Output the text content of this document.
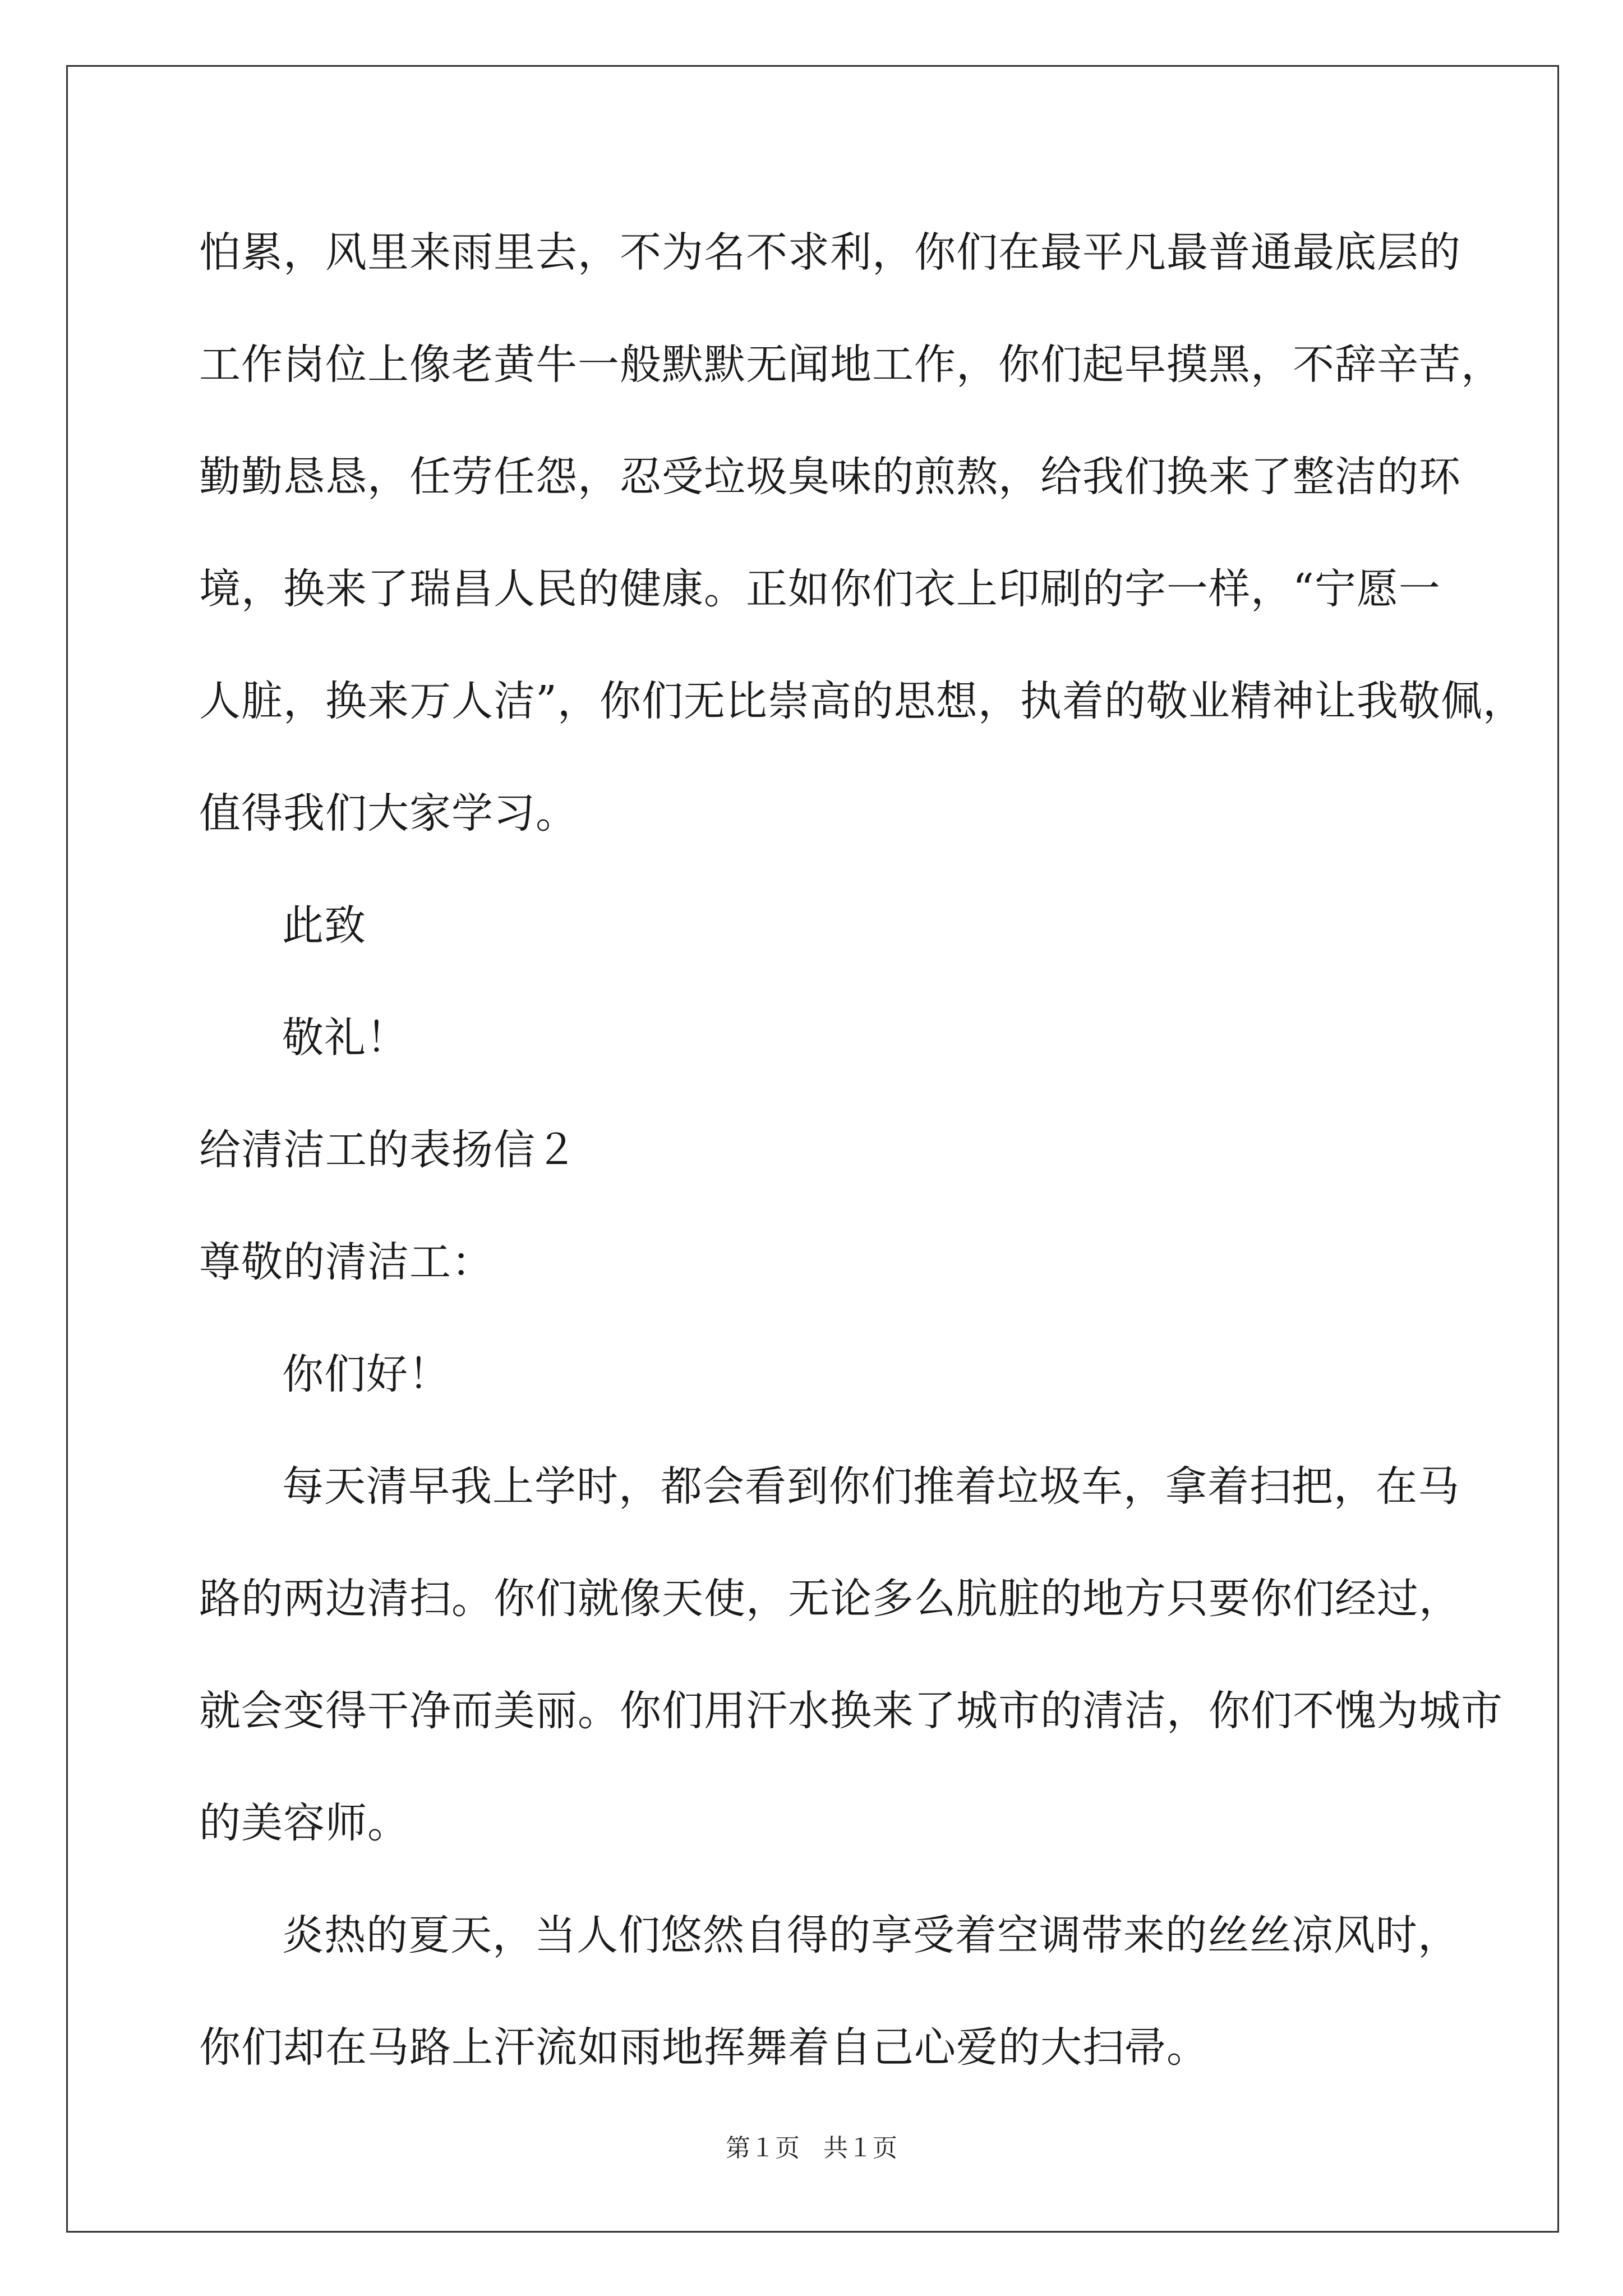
怕累，风里来雨里去，不为名不求利，你们在最平凡最普通最底层的
工作岗位上像老黄牛一般默默无闻地工作，你们起早摸黑，不辞辛苦，
勤勤恳恳，任劳任怨，忍受垃圾臭味的煎熬，给我们换来了整洁的环
境，换来了瑞昌人民的健康。正如你们衣上印刷的字一样，“宁愿一
人脏，换来万人洁”，你们无比崇高的思想，执着的敬业精神让我敬佩，
值得我们大家学习。
此致
敬礼！
给清洁工的表扬信２
尊敬的清洁工：
你们好！
每天清早我上学时，都会看到你们推着垃圾车，拿着扫把，在马
路的两边清扫。你们就像天使，无论多么肮脏的地方只要你们经过，
就会变得干净而美丽。你们用汗水换来了城市的清洁，你们不愧为城市
的美容师。
炎热的夏天，当人们悠然自得的享受着空调带来的丝丝凉风时，
你们却在马路上汗流如雨地挥舞着自己心爱的大扫帚。
第１页 共１页
